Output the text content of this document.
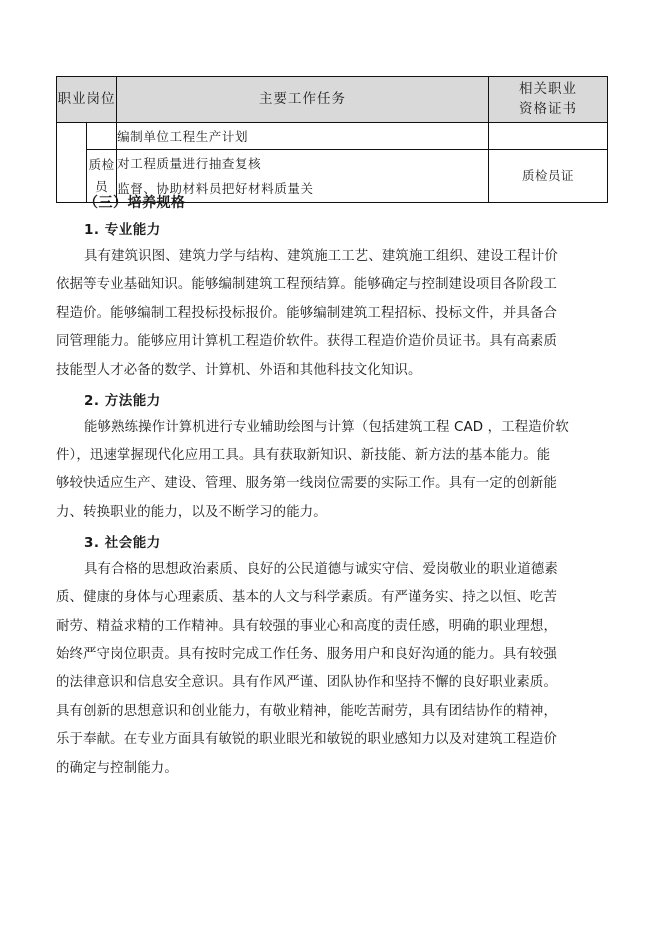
职业岗位		主要工作任务	相关职业
资格证书

		编制单位工程生产计划	

	质检员	对工程质量进行抽查复核
监督、协助材料员把好材料质量关	质检员证
（三）培养规格
1. 专业能力
具有建筑识图、建筑力学与结构、建筑施工工艺、建筑施工组织、建设工程计价
依据等专业基础知识。能够编制建筑工程预结算。能够确定与控制建设项目各阶段工
程造价。能够编制工程投标投标报价。能够编制建筑工程招标、投标文件，并具备合
同管理能力。能够应用计算机工程造价软件。获得工程造价造价员证书。具有高素质
技能型人才必备的数学、计算机、外语和其他科技文化知识。
2. 方法能力
能够熟练操作计算机进行专业辅助绘图与计算（包括建筑工程 CAD ，工程造价软
件），迅速掌握现代化应用工具。具有获取新知识、新技能、新方法的基本能力。能
够较快适应生产、建设、管理、服务第一线岗位需要的实际工作。具有一定的创新能
力、转换职业的能力，以及不断学习的能力。
3. 社会能力
具有合格的思想政治素质、良好的公民道德与诚实守信、爱岗敬业的职业道德素
质、健康的身体与心理素质、基本的人文与科学素质。有严谨务实、持之以恒、吃苦
耐劳、精益求精的工作精神。具有较强的事业心和高度的责任感，明确的职业理想，
始终严守岗位职责。具有按时完成工作任务、服务用户和良好沟通的能力。具有较强
的法律意识和信息安全意识。具有作风严谨、团队协作和坚持不懈的良好职业素质。
具有创新的思想意识和创业能力，有敬业精神，能吃苦耐劳，具有团结协作的精神，
乐于奉献。在专业方面具有敏锐的职业眼光和敏锐的职业感知力以及对建筑工程造价
的确定与控制能力。
